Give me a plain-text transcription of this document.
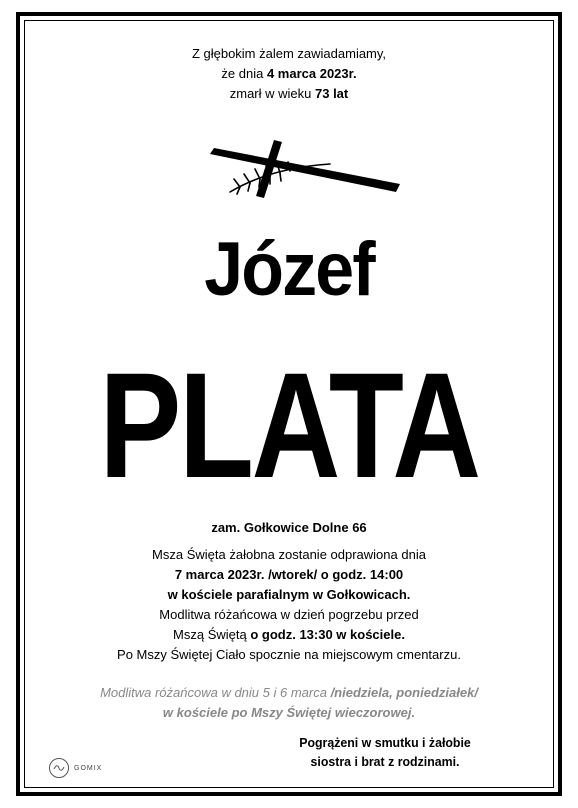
Z głębokim żalem zawiadamiamy,
że dnia 4 marca 2023r.
zmarł w wieku 73 lat
Józef
PLATA
zam. Gołkowice Dolne 66
Msza Święta żałobna zostanie odprawiona dnia
7 marca 2023r. /wtorek/ o godz. 14:00
w kościele parafialnym w Gołkowicach.
Modlitwa różańcowa w dzień pogrzebu przed
Mszą Świętą o godz. 13:30 w kościele.
Po Mszy Świętej Ciało spocznie na miejscowym cmentarzu.
Modlitwa różańcowa w dniu 5 i 6 marca /niedziela, poniedziałek/
w kościele po Mszy Świętej wieczorowej.
Pogrążeni w smutku i żałobie
siostra i brat z rodzinami.
GOMIX
